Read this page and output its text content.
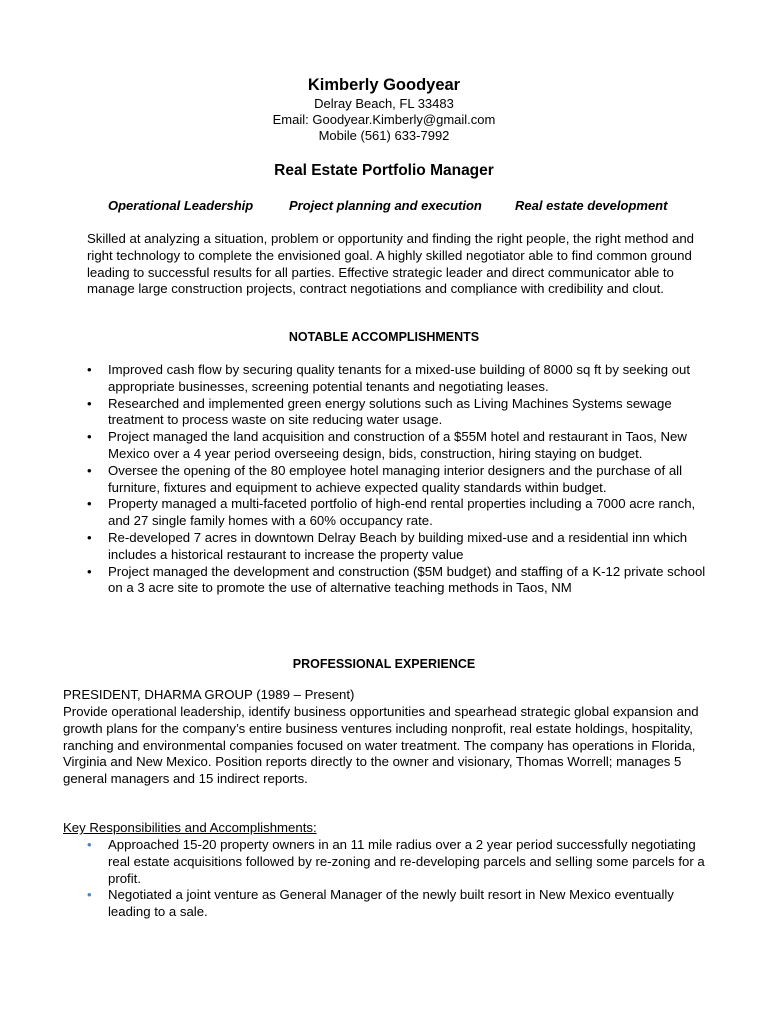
Kimberly Goodyear
Delray Beach, FL 33483
Email: Goodyear.Kimberly@gmail.com
Mobile (561) 633-7992
Real Estate Portfolio Manager
Operational Leadership	Project planning and execution	Real estate development
Skilled at analyzing a situation, problem or opportunity and finding the right people, the right method and right technology to complete the envisioned goal. A highly skilled negotiator able to find common ground leading to successful results for all parties. Effective strategic leader and direct communicator able to manage large construction projects, contract negotiations and compliance with credibility and clout.
NOTABLE ACCOMPLISHMENTS
• Improved cash flow by securing quality tenants for a mixed-use building of 8000 sq ft by seeking out appropriate businesses, screening potential tenants and negotiating leases.
• Researched and implemented green energy solutions such as Living Machines Systems sewage treatment to process waste on site reducing water usage.
• Project managed the land acquisition and construction of a $55M hotel and restaurant in Taos, New Mexico over a 4 year period overseeing design, bids, construction, hiring staying on budget.
• Oversee the opening of the 80 employee hotel managing interior designers and the purchase of all furniture, fixtures and equipment to achieve expected quality standards within budget.
• Property managed a multi-faceted portfolio of high-end rental properties including a 7000 acre ranch, and 27 single family homes with a 60% occupancy rate.
• Re-developed 7 acres in downtown Delray Beach by building mixed-use and a residential inn which includes a historical restaurant to increase the property value
• Project managed the development and construction ($5M budget) and staffing of a K-12 private school on a 3 acre site to promote the use of alternative teaching methods in Taos, NM
PROFESSIONAL EXPERIENCE
PRESIDENT, DHARMA GROUP (1989 – Present)
Provide operational leadership, identify business opportunities and spearhead strategic global expansion and growth plans for the company’s entire business ventures including nonprofit, real estate holdings, hospitality, ranching and environmental companies focused on water treatment. The company has operations in Florida, Virginia and New Mexico. Position reports directly to the owner and visionary, Thomas Worrell; manages 5 general managers and 15 indirect reports.
Key Responsibilities and Accomplishments:
• Approached 15-20 property owners in an 11 mile radius over a 2 year period successfully negotiating real estate acquisitions followed by re-zoning and re-developing parcels and selling some parcels for a profit.
• Negotiated a joint venture as General Manager of the newly built resort in New Mexico eventually leading to a sale.
